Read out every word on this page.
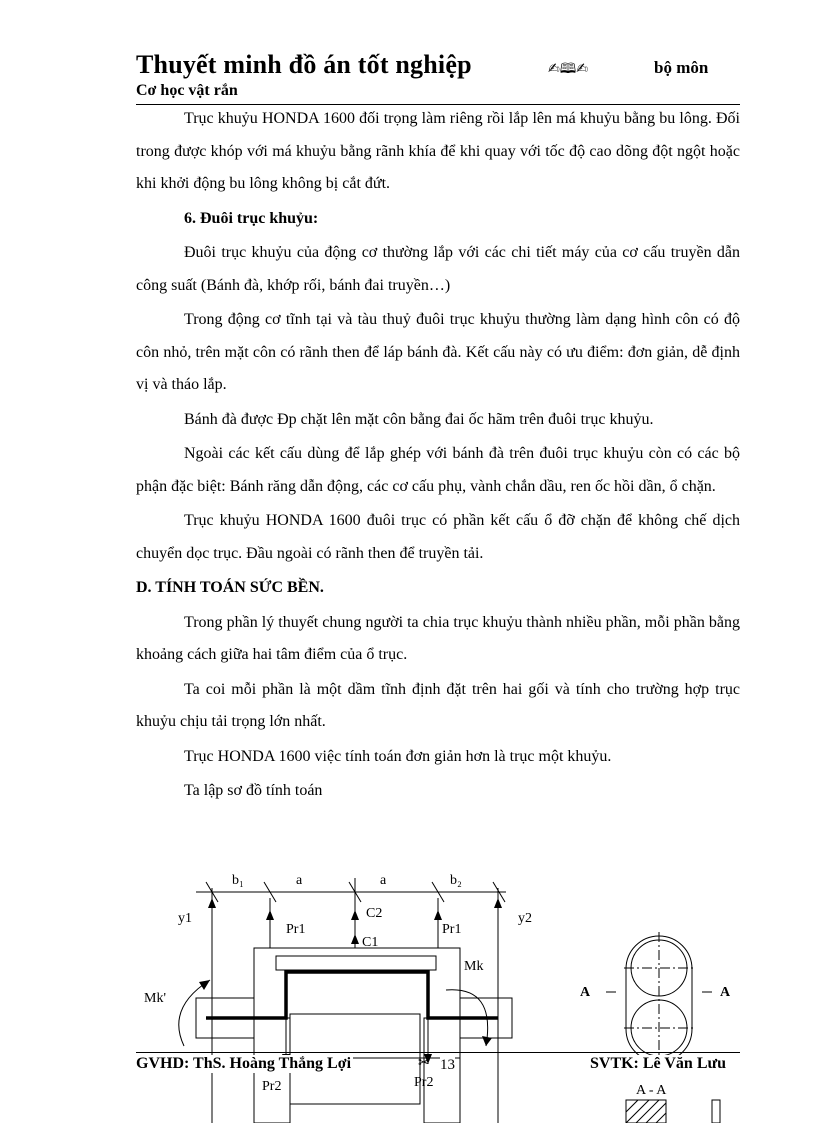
Thuyết minh đồ án tốt nghiệp	✍🕮✍	bộ môn
Cơ học vật rắn

Trục khuỷu HONDA 1600 đối trọng làm riêng rồi lắp lên má khuỷu bằng bu lông. Đối trong được khóp với má khuỷu bằng rãnh khía để khi quay với tốc độ cao dõng đột ngột hoặc khi khởi động bu lông không bị cắt đứt.

6. Đuôi trục khuỷu:

Đuôi trục khuỷu của động cơ thường lắp với các chi tiết máy của cơ cấu truyền dẫn công suất (Bánh đà, khớp rối, bánh đai truyền…)

Trong động cơ tĩnh tại và tàu thuỷ đuôi trục khuỷu thường làm dạng hình côn có độ côn nhỏ, trên mặt côn có rãnh then để láp bánh đà. Kết cấu này có ưu điểm: đơn giản, dễ định vị và tháo lắp.

Bánh đà được Đp chặt lên mặt côn bằng đai ốc hãm trên đuôi trục khuỷu.

Ngoài các kết cấu dùng để lắp ghép với bánh đà trên đuôi trục khuỷu còn có các bộ phận đặc biệt: Bánh răng dẫn động, các cơ cấu phụ, vành chắn dầu, ren ốc hồi dần, ổ chặn.

Trục khuỷu HONDA 1600 đuôi trục có phần kết cấu ổ đỡ chặn để không chế dịch chuyển dọc trục. Đầu ngoài có rãnh then để truyền tải.

D. TÍNH TOÁN SỨC BỀN.

Trong phần lý thuyết chung người ta chia trục khuỷu thành nhiều phần, mỗi phần bằng khoảng cách giữa hai tâm điểm của ổ trục.

Ta coi mỗi phần là một dầm tĩnh định đặt trên hai gối và tính cho trường hợp trục khuỷu chịu tải trọng lớn nhất.

Trục HONDA 1600 việc tính toán đơn giản hơn là trục một khuỷu.

Ta lập sơ đồ tính toán

b₁	a	a	b₂
y1	y2
Pr1	Pr1
C2
C1
Mk
Mk'
Pr2	Pr2
A	A
A - A
GVHD: ThS. Hoàng Thắng Lợi	✂ 13	SVTK: Lê Văn Lưu
